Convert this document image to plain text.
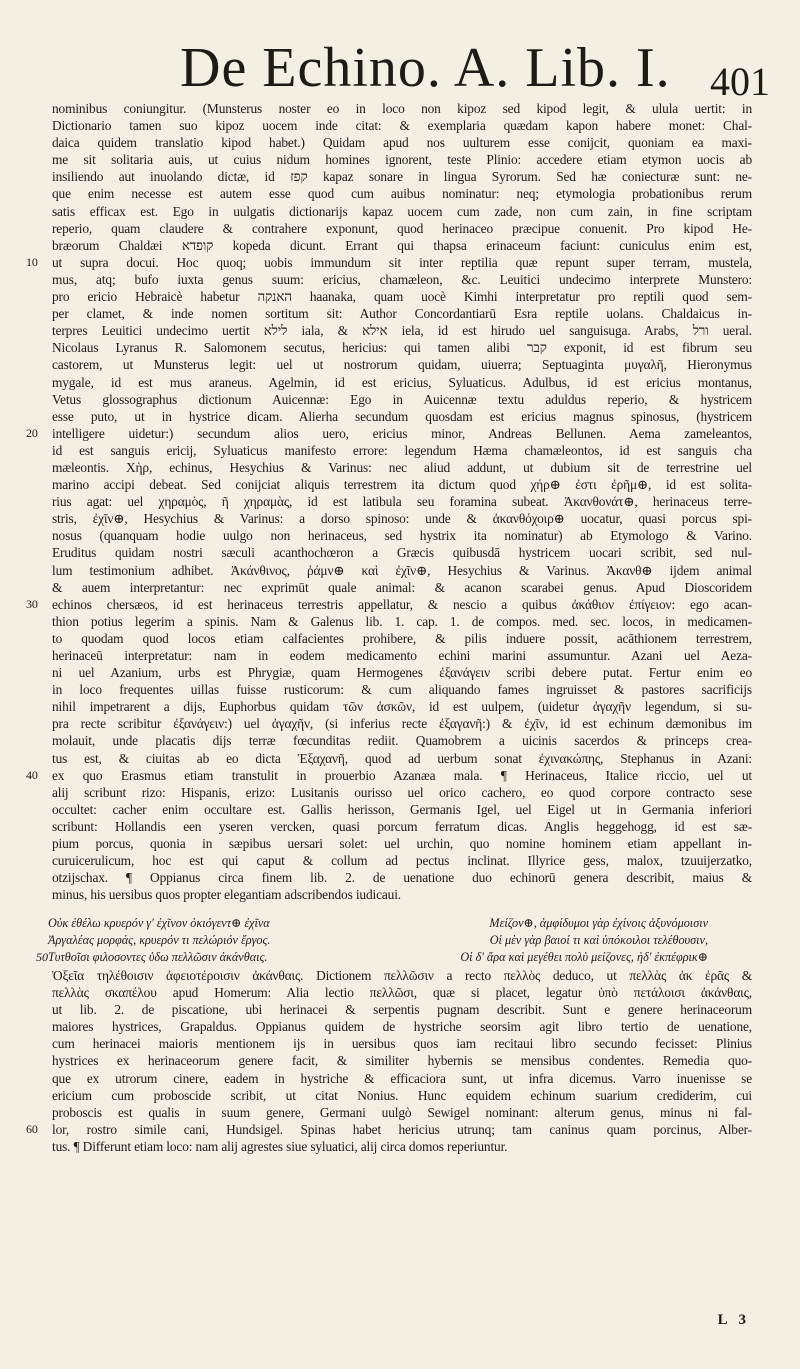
De Echino. A. Lib. I. 401
nominibus coniungitur. (Munsterus noster eo in loco non kipoz sed kipod legit, & ulula uertit: in
Dictionario tamen suo kipoz uocem inde citat: & exemplaria quædam kapon habere monet: Chal-
daica quidem translatio kipod habet.) Quidam apud nos uulturem esse conijcit, quoniam ea maxi-
me sit solitaria auis, ut cuius nidum homines ignorent, teste Plinio: accedere etiam etymon uocis ab
insiliendo aut inuolando dictæ, id קפז kapaz sonare in lingua Syrorum. Sed hæ coniecturæ sunt: ne-
que enim necesse est autem esse quod cum auibus nominatur: neq; etymologia probationibus rerum
satis efficax est. Ego in uulgatis dictionarijs kapaz uocem cum zade, non cum zain, in fine scriptam
reperio, quam claudere & contrahere exponunt, quod herinaceo præcipue conuenit. Pro kipod He-
bræorum Chaldæi קופדא kopeda dicunt. Errant qui thapsa erinaceum faciunt: cuniculus enim est,
ut supra docui. Hoc quoq; uobis immundum sit inter reptilia quæ repunt super terram, mustela,
10
mus, atq; bufo iuxta genus suum: ericius, chamæleon, &c. Leuitici undecimo interprete Munstero:
pro ericio Hebraicè habetur האנקה haanaka, quam uocè Kimhi interpretatur pro reptili quod sem-
per clamet, & inde nomen sortitum sit: Author Concordantiarū Esra reptile uolans. Chaldaicus in-
terpres Leuitici undecimo uertit לילא iala, & אילא iela, id est hirudo uel sanguisuga. Arabs, ורל ueral.
Nicolaus Lyranus R. Salomonem secutus, hericius: qui tamen alibi קבר exponit, id est fibrum seu
castorem, ut Munsterus legit: uel ut nostrorum quidam, uiuerra; Septuaginta μυγαλῆ, Hieronymus
mygale, id est mus araneus. Agelmin, id est ericius, Syluaticus. Adulbus, id est ericius montanus,
Vetus glossographus dictionum Auicennæ: Ego in Auicennæ textu aduldus reperio, & hystricem
esse puto, ut in hystrice dicam. Alierha secundum quosdam est ericius magnus spinosus, (hystricem
intelligere uidetur:) secundum alios uero, ericius minor, Andreas Bellunen. Aema zameleantos,
20
id est sanguis ericij, Syluaticus manifesto errore: legendum Hæma chamæleontos, id est sanguis cha
mæleontis. Χὴρ, echinus, Hesychius & Varinus: nec aliud addunt, ut dubium sit de terrestrine uel
marino accipi debeat. Sed conijciat aliquis terrestrem ita dictum quod χήρ⊕ ἐστι ἐρῆμ⊕, id est solita-
rius agat: uel χηραμὸς, ῆ χηραμὰς, id est latibula seu foramina subeat. Ἀκανθονάτ⊕, herinaceus terre-
stris, ἐχῖν⊕, Hesychius & Varinus: a dorso spinoso: unde & ἀκανθόχοιρ⊕ uocatur, quasi porcus spi-
nosus (quanquam hodie uulgo non herinaceus, sed hystrix ita nominatur) ab Etymologo & Varino.
Eruditus quidam nostri sæculi acanthochœron a Græcis quibusdā hystricem uocari scribit, sed nul-
lum testimonium adhibet. Ἀκάνθινος, ῥάμν⊕ καὶ ἐχῖν⊕, Hesychius & Varinus. Ἀκανθ⊕ ijdem animal
& auem interpretantur: nec exprimūt quale animal: & acanon scarabei genus. Apud Dioscoridem
echinos chersæos, id est herinaceus terrestris appellatur, & nescio a quibus ἀκάθιον ἐπίγειον: ego acan-
30
thion potius legerim a spinis. Nam & Galenus lib. 1. cap. 1. de compos. med. sec. locos, in medicamen-
to quodam quod locos etiam calfacientes prohibere, & pilis induere possit, acāthionem terrestrem,
herinaceū interpretatur: nam in eodem medicamento echini marini assumuntur. Azani uel Aeza-
ni uel Azanium, urbs est Phrygiæ, quam Hermogenes ἐξανάγειν scribi debere putat. Fertur enim eo
in loco frequentes uillas fuisse rusticorum: & cum aliquando fames ingruisset & pastores sacrificijs
nihil impetrarent a dijs, Euphorbus quidam τῶν ἀσκῶν, id est uulpem, (uidetur ἀγαχῆν legendum, si su-
pra recte scribitur ἐξανάγειν:) uel ἀγαχῆν, (si inferius recte ἐξαγανῆ:) & ἐχῖν, id est echinum dæmonibus im
molauit, unde placatis dijs terræ fœcunditas rediit. Quamobrem a uicinis sacerdos & princeps crea-
tus est, & ciuitas ab eo dicta Ἐξαχανῆ, quod ad uerbum sonat ἐχινακώπης, Stephanus in Azani:
ex quo Erasmus etiam transtulit in prouerbio Azanæa mala. ¶ Herinaceus, Italice riccio, uel ut
40
alij scribunt rizo: Hispanis, erizo: Lusitanis ourisso uel orico cachero, eo quod corpore contracto sese
occultet: cacher enim occultare est. Gallis herisson, Germanis Igel, uel Eigel ut in Germania inferiori
scribunt: Hollandis een yseren vercken, quasi porcum ferratum dicas. Anglis heggehogg, id est sæ-
pium porcus, quonia in sæpibus uersari solet: uel urchin, quo nomine hominem etiam appellant in-
curuicerulicum, hoc est qui caput & collum ad pectus inclinat. Illyrice gess, malox, tzuuijerzatko,
otzijschax. ¶ Oppianus circa finem lib. 2. de uenatione duo echinorū genera describit, maius &
minus, his uersibus quos propter elegantiam adscribendos iudicaui.
Οὐκ ἐθέλω κρυερόν γ' ἐχῖνον ὀκιόγεντ⊕ ἐχῖνα	Μείζον⊕, ἀμφίδυμοι γὰρ ἐχίνοις ἀξυνόμοισιν
Ἀργαλέας μορφάς, κρυερόν τι πελώριόν ἔργος.	Οἱ μὲν γὰρ βαιοί τι καὶ ὑπόκοιλοι τελέθουσιν,
Τυτθοῖσι φιλοσοντες ὑδω πελλῶσιν ἀκάνθαις.	Οἱ δ' ἄρα καὶ μεγέθει πολὺ μείζονες, ἠδ' ἐκπέφρικ⊕
50
Ὀξεῖα τηλέθοισιν ἀφειοτέροισιν ἀκάνθαις. Dictionem πελλῶσιν a recto πελλὸς deduco, ut πελλὰς ἀκ ἐρᾶς &
πελλὰς σκαπέλου apud Homerum: Alia lectio πελλῶσι, quæ si placet, legatur ὑπὸ πετάλοισι ἀκάνθαις,
ut lib. 2. de piscatione, ubi herinacei & serpentis pugnam describit. Sunt e genere herinaceorum
maiores hystrices, Grapaldus. Oppianus quidem de hystriche seorsim agit libro tertio de uenatione,
cum herinacei maioris mentionem ijs in uersibus quos iam recitaui libro secundo fecisset: Plinius
hystrices ex herinaceorum genere facit, & similiter hybernis se mensibus condentes. Remedia quo-
que ex utrorum cinere, eadem in hystriche & efficaciora sunt, ut infra dicemus. Varro inuenisse se
ericium cum proboscide scribit, ut citat Nonius. Hunc equidem echinum suarium crediderim, cui
proboscis est qualis in suum genere, Germani uulgò Sewigel nominant: alterum genus, minus ni fal-
lor, rostro simile cani, Hundsigel. Spinas habet hericius utrunq; tam caninus quam porcinus, Alber-
60
tus. ¶ Differunt etiam loco: nam alij agrestes siue syluatici, alij circa domos reperiuntur.
L 3
